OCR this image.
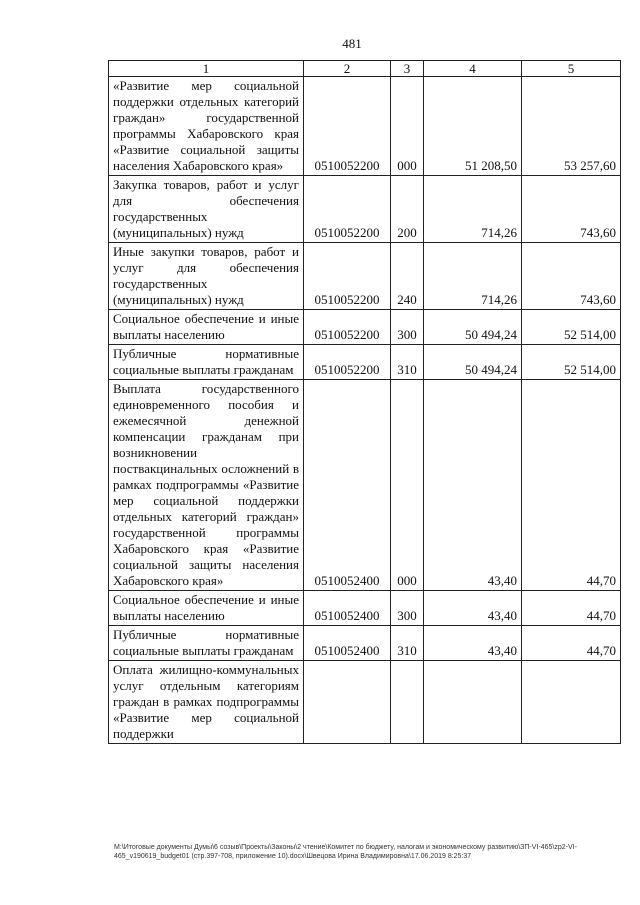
481
1	2	3	4	5
«Развитие мер социальной поддержки отдельных категорий граждан» государственной программы Хабаровского края «Развитие социальной защиты населения Хабаровского края»	0510052200	000	51 208,50	53 257,60
Закупка товаров, работ и услуг для обеспечения государственных (муниципальных) нужд	0510052200	200	714,26	743,60
Иные закупки товаров, работ и услуг для обеспечения государственных (муниципальных) нужд	0510052200	240	714,26	743,60
Социальное обеспечение и иные выплаты населению	0510052200	300	50 494,24	52 514,00
Публичные нормативные социальные выплаты гражданам	0510052200	310	50 494,24	52 514,00
Выплата государственного единовременного пособия и ежемесячной денежной компенсации гражданам при возникновении поствакцинальных осложнений в рамках подпрограммы «Развитие мер социальной поддержки отдельных категорий граждан» государственной программы Хабаровского края «Развитие социальной защиты населения Хабаровского края»	0510052400	000	43,40	44,70
Социальное обеспечение и иные выплаты населению	0510052400	300	43,40	44,70
Публичные нормативные социальные выплаты гражданам	0510052400	310	43,40	44,70
Оплата жилищно-коммунальных услуг отдельным категориям граждан в рамках подпрограммы «Развитие мер социальной поддержки				
M:\Итоговые документы Думы\6 созыв\Проекты\Законы\2 чтение\Комитет по бюджету, налогам и экономическому развитию\ЗП-VI-465\zp2-VI-465_v190619_budget01 (стр.397-708, приложение 10).docx\Швецова Ирина Владимировна\17.06.2019 8:25:37
